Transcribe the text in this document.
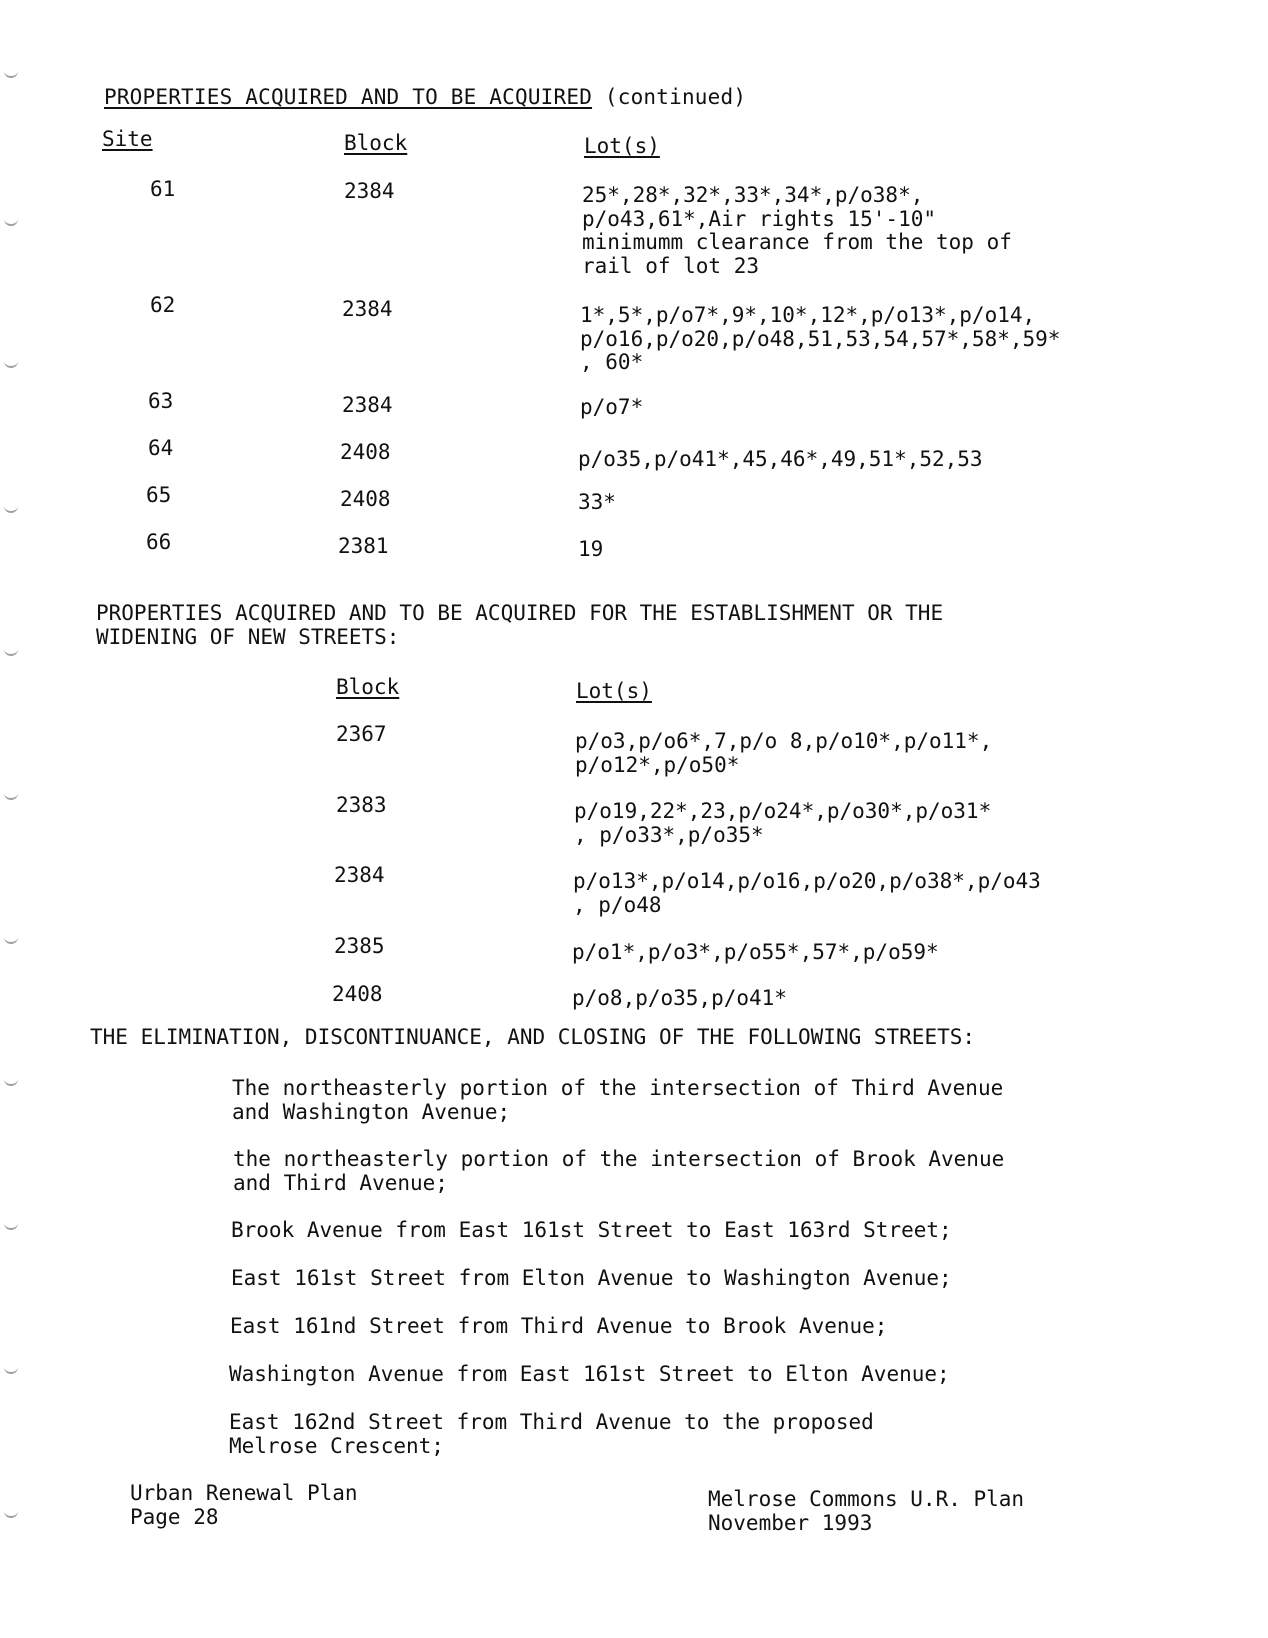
PROPERTIES ACQUIRED AND TO BE ACQUIRED (continued)
Site	Block	Lot(s)
61	2384	25*,28*,32*,33*,34*,p/o38*, p/o43,61*,Air rights 15'-10" minimumm clearance from the top of rail of lot 23
62	2384	1*,5*,p/o7*,9*,10*,12*,p/o13*,p/o14, p/o16,p/o20,p/o48,51,53,54,57*,58*,59*, 60*
63	2384	p/o7*
64	2408	p/o35,p/o41*,45,46*,49,51*,52,53
65	2408	33*
66	2381	19
PROPERTIES ACQUIRED AND TO BE ACQUIRED FOR THE ESTABLISHMENT OR THE WIDENING OF NEW STREETS:
Block	Lot(s)
2367	p/o3,p/o6*,7,p/o 8,p/o10*,p/o11*, p/o12*,p/o50*
2383	p/o19,22*,23,p/o24*,p/o30*,p/o31*, p/o33*,p/o35*
2384	p/o13*,p/o14,p/o16,p/o20,p/o38*,p/o43, p/o48
2385	p/o1*,p/o3*,p/o55*,57*,p/o59*
2408	p/o8,p/o35,p/o41*
THE ELIMINATION, DISCONTINUANCE, AND CLOSING OF THE FOLLOWING STREETS:
The northeasterly portion of the intersection of Third Avenue and Washington Avenue;
the northeasterly portion of the intersection of Brook Avenue and Third Avenue;
Brook Avenue from East 161st Street to East 163rd Street;
East 161st Street from Elton Avenue to Washington Avenue;
East 161nd Street from Third Avenue to Brook Avenue;
Washington Avenue from East 161st Street to Elton Avenue;
East 162nd Street from Third Avenue to the proposed Melrose Crescent;
Urban Renewal Plan
Page 28
Melrose Commons U.R. Plan
November 1993
